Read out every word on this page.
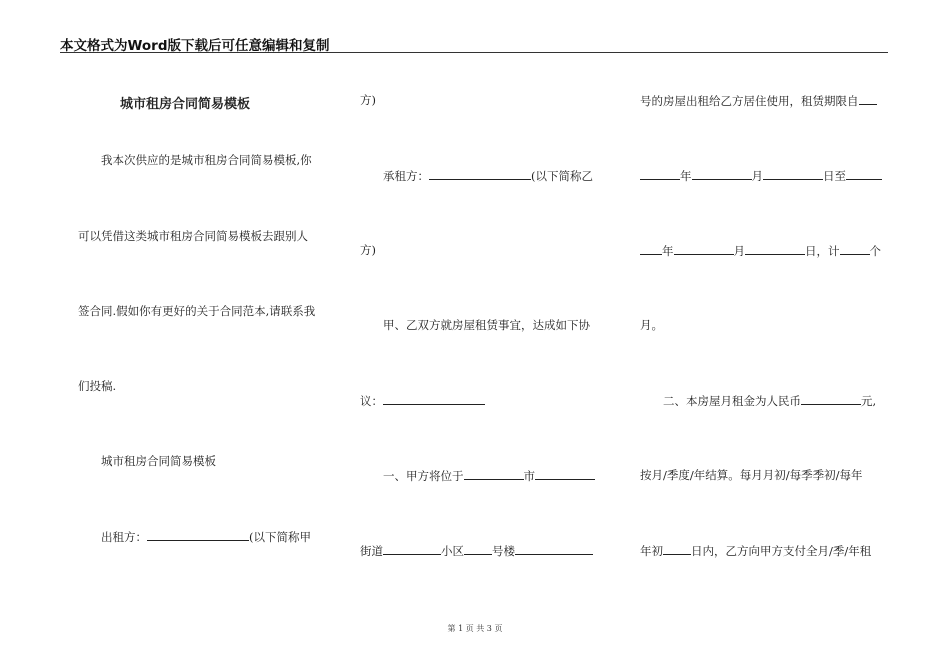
本文格式为Word版下载后可任意编辑和复制
城市租房合同简易模板
我本次供应的是城市租房合同简易模板,你
可以凭借这类城市租房合同简易模板去跟别人
签合同.假如你有更好的关于合同范本,请联系我
们投稿.
城市租房合同简易模板
出租方：	(以下简称甲
方)
承租方：	(以下简称乙
方)
甲、乙双方就房屋租赁事宜，达成如下协
议：
一、甲方将位于	市
街道	小区 号楼
号的房屋出租给乙方居住使用，租赁期限自
年	月	日至
年	月	日，计	个
月。
二、本房屋月租金为人民币	元,
按月/季度/年结算。每月月初/每季季初/每年
年初 日内，乙方向甲方支付全月/季/年租
第 1 页 共 3 页
